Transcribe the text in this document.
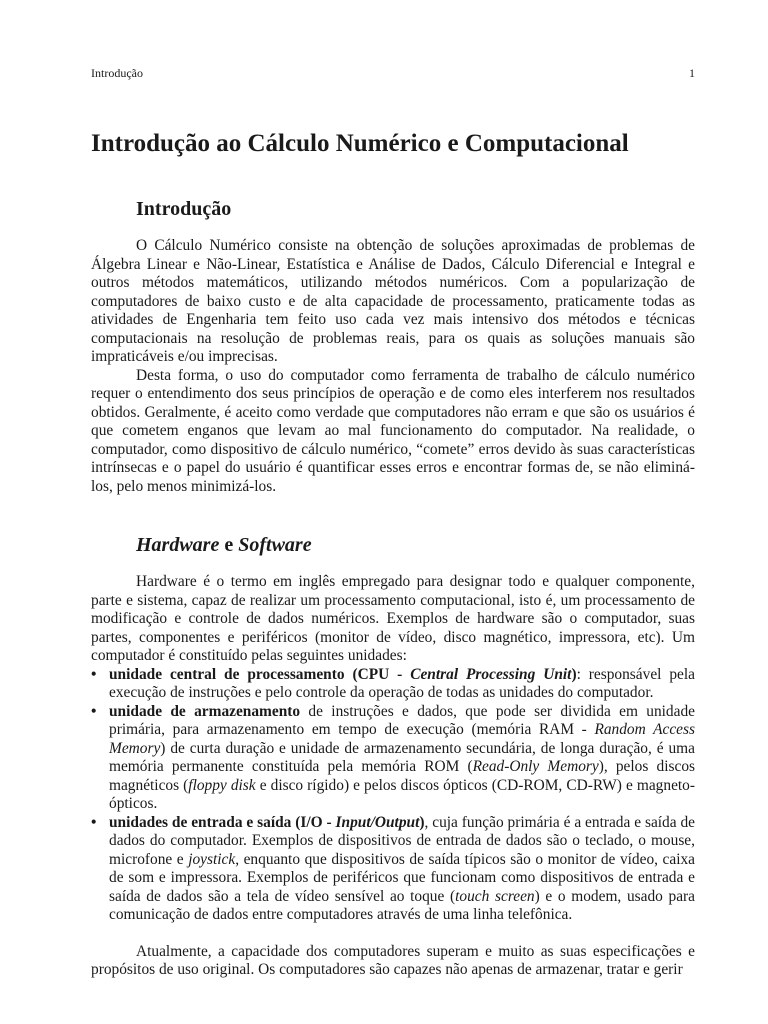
Introdução	1
Introdução ao Cálculo Numérico e Computacional
Introdução

O Cálculo Numérico consiste na obtenção de soluções aproximadas de problemas de Álgebra Linear e Não-Linear, Estatística e Análise de Dados, Cálculo Diferencial e Integral e outros métodos matemáticos, utilizando métodos numéricos. Com a popularização de computadores de baixo custo e de alta capacidade de processamento, praticamente todas as atividades de Engenharia tem feito uso cada vez mais intensivo dos métodos e técnicas computacionais na resolução de problemas reais, para os quais as soluções manuais são impraticáveis e/ou imprecisas.

Desta forma, o uso do computador como ferramenta de trabalho de cálculo numérico requer o entendimento dos seus princípios de operação e de como eles interferem nos resultados obtidos. Geralmente, é aceito como verdade que computadores não erram e que são os usuários é que cometem enganos que levam ao mal funcionamento do computador. Na realidade, o computador, como dispositivo de cálculo numérico, “comete” erros devido às suas características intrínsecas e o papel do usuário é quantificar esses erros e encontrar formas de, se não eliminá-los, pelo menos minimizá-los.

Hardware e Software

Hardware é o termo em inglês empregado para designar todo e qualquer componente, parte e sistema, capaz de realizar um processamento computacional, isto é, um processamento de modificação e controle de dados numéricos. Exemplos de hardware são o computador, suas partes, componentes e periféricos (monitor de vídeo, disco magnético, impressora, etc). Um computador é constituído pelas seguintes unidades:

• unidade central de processamento (CPU - Central Processing Unit): responsável pela execução de instruções e pelo controle da operação de todas as unidades do computador.
• unidade de armazenamento de instruções e dados, que pode ser dividida em unidade primária, para armazenamento em tempo de execução (memória RAM - Random Access Memory) de curta duração e unidade de armazenamento secundária, de longa duração, é uma memória permanente constituída pela memória ROM (Read-Only Memory), pelos discos magnéticos (floppy disk e disco rígido) e pelos discos ópticos (CD-ROM, CD-RW) e magneto-ópticos.
• unidades de entrada e saída (I/O - Input/Output), cuja função primária é a entrada e saída de dados do computador. Exemplos de dispositivos de entrada de dados são o teclado, o mouse, microfone e joystick, enquanto que dispositivos de saída típicos são o monitor de vídeo, caixa de som e impressora. Exemplos de periféricos que funcionam como dispositivos de entrada e saída de dados são a tela de vídeo sensível ao toque (touch screen) e o modem, usado para comunicação de dados entre computadores através de uma linha telefônica.

Atualmente, a capacidade dos computadores superam e muito as suas especificações e propósitos de uso original. Os computadores são capazes não apenas de armazenar, tratar e gerir
